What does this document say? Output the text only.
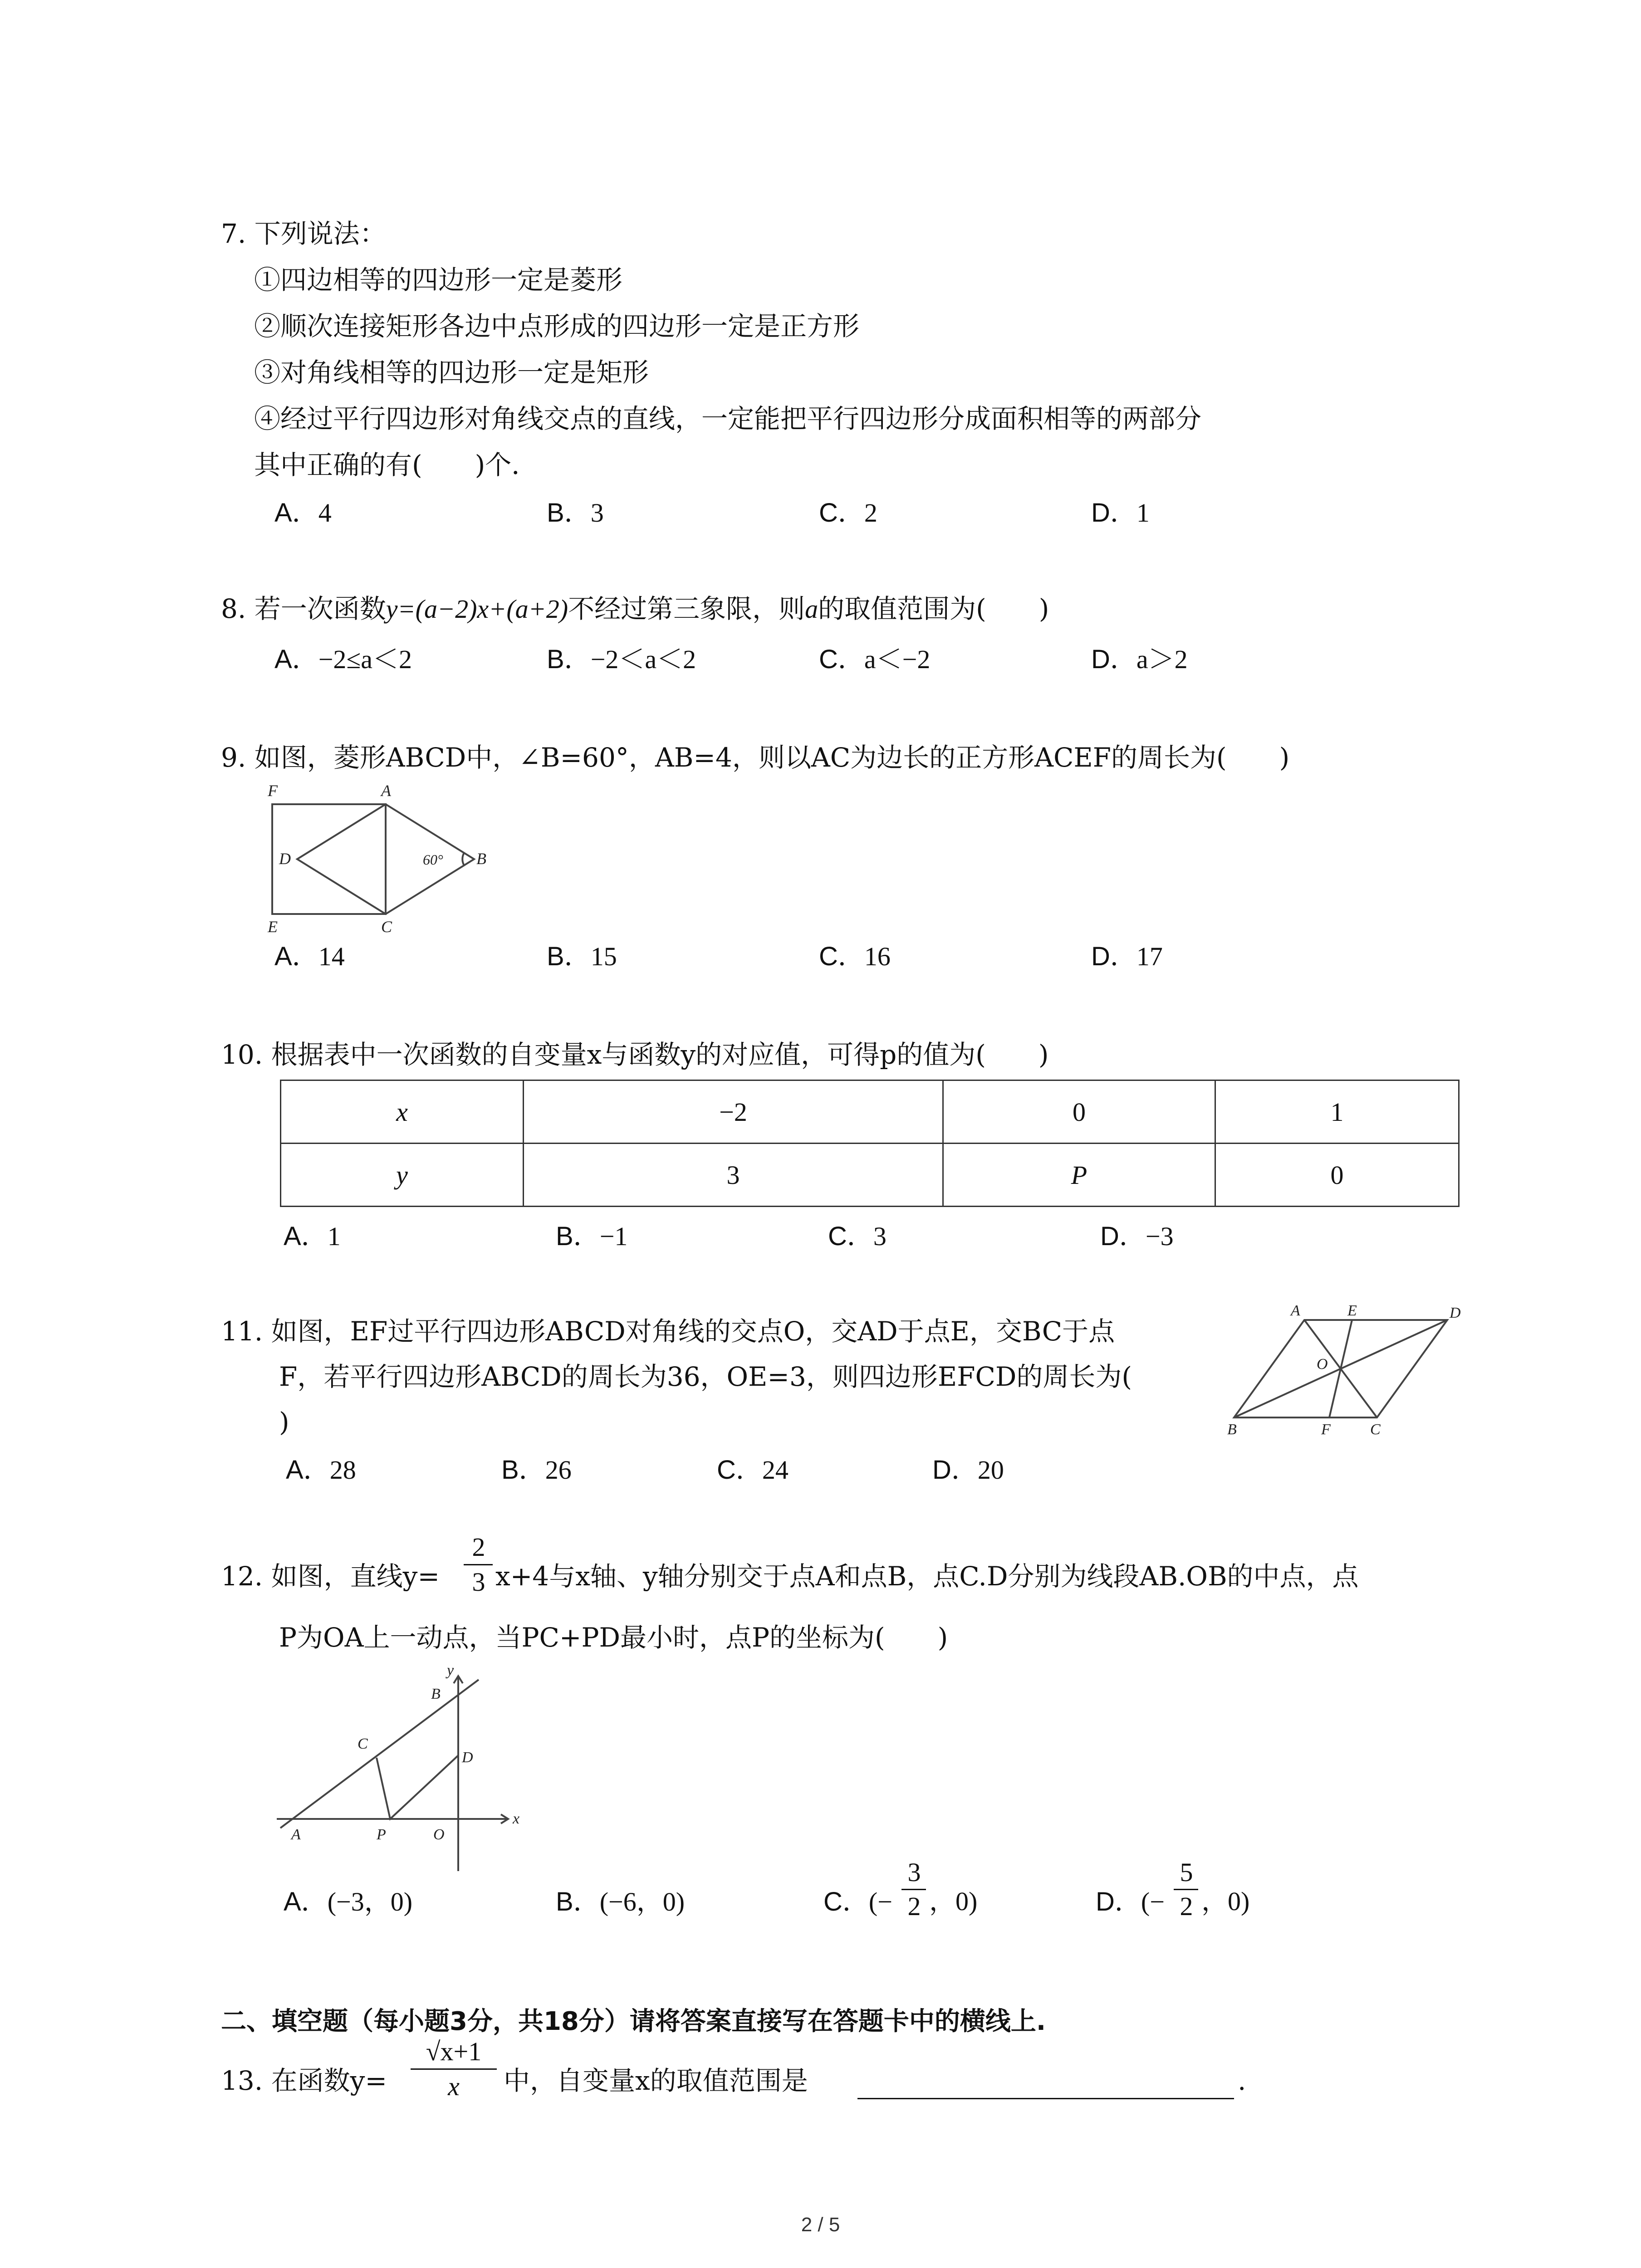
7. 下列说法：
①四边相等的四边形一定是菱形
②顺次连接矩形各边中点形成的四边形一定是正方形
③对角线相等的四边形一定是矩形
④经过平行四边形对角线交点的直线，一定能把平行四边形分成面积相等的两部分
其中正确的有(　　)个．
A．4	B．3	C．2	D．1
8. 若一次函数y=(a−2)x+(a+2)不经过第三象限，则a的取值范围为(　　)
A．−2≤a＜2	B．−2＜a＜2	C．a＜−2	D．a＞2
9. 如图，菱形ABCD中，∠B=60°，AB=4，则以AC为边长的正方形ACEF的周长为(　　)
F	A
D	B
E	C
60°
A．14	B．15	C．16	D．17
10. 根据表中一次函数的自变量x与函数y的对应值，可得p的值为(　　)
x	−2	0	1
y	3	P	0
A．1	B．−1	C．3	D．−3
11. 如图，EF过平行四边形ABCD对角线的交点O，交AD于点E，交BC于点
F，若平行四边形ABCD的周长为36，OE=3，则四边形EFCD的周长为(
)
A	E	D
O
B	F	C
A．28	B．26	C．24	D．20
12. 如图，直线y=
2
3 x+4与x轴、y轴分别交于点A和点B，点C.D分别为线段AB.OB的中点，点
P为OA上一动点，当PC+PD最小时，点P的坐标为(　　)
y
x
B
C
D
A	P	O
A．(−3，0)	B．(−6，0)	C．(−
3
2 ，0)	D．(−
5
2 ，0)
二、填空题（每小题3分，共18分）请将答案直接写在答题卡中的横线上.
13. 在函数y=
√x+1
x	中，自变量x的取值范围是	.
2 / 5
